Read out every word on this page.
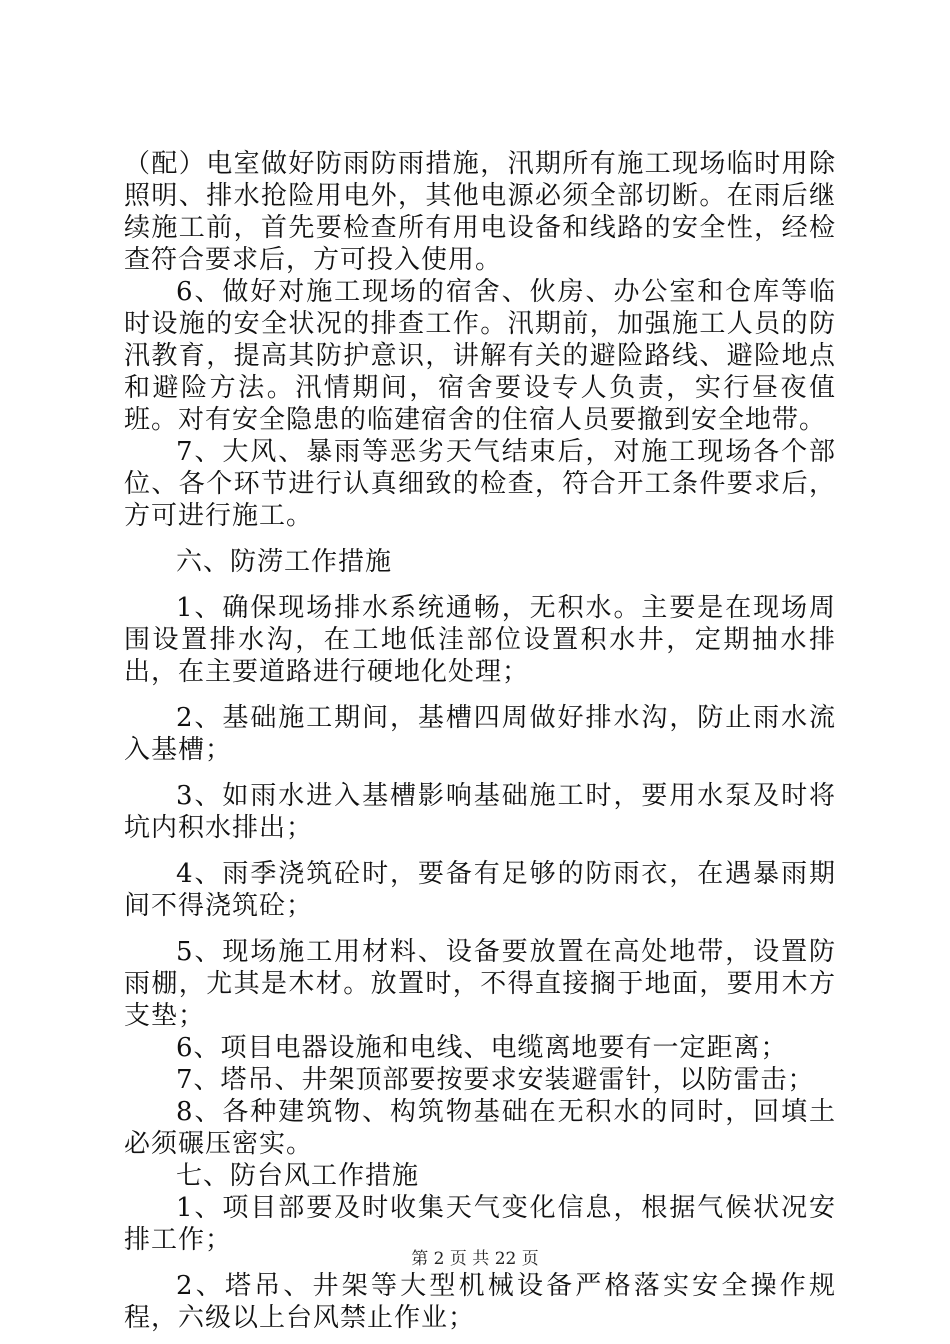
（配）电室做好防雨防雨措施，汛期所有施工现场临时用除照明、排水抢险用电外，其他电源必须全部切断。在雨后继续施工前，首先要检查所有用电设备和线路的安全性，经检查符合要求后，方可投入使用。

6、做好对施工现场的宿舍、伙房、办公室和仓库等临时设施的安全状况的排查工作。汛期前，加强施工人员的防汛教育，提高其防护意识，讲解有关的避险路线、避险地点和避险方法。汛情期间，宿舍要设专人负责，实行昼夜值班。对有安全隐患的临建宿舍的住宿人员要撤到安全地带。

7、大风、暴雨等恶劣天气结束后，对施工现场各个部位、各个环节进行认真细致的检查，符合开工条件要求后，方可进行施工。

六、防涝工作措施

1、确保现场排水系统通畅，无积水。主要是在现场周围设置排水沟，在工地低洼部位设置积水井，定期抽水排出，在主要道路进行硬地化处理；

2、基础施工期间，基槽四周做好排水沟，防止雨水流入基槽；

3、如雨水进入基槽影响基础施工时，要用水泵及时将坑内积水排出；

4、雨季浇筑砼时，要备有足够的防雨衣，在遇暴雨期间不得浇筑砼；

5、现场施工用材料、设备要放置在高处地带，设置防雨棚，尤其是木材。放置时，不得直接搁于地面，要用木方支垫；

6、项目电器设施和电线、电缆离地要有一定距离；

7、塔吊、井架顶部要按要求安装避雷针，以防雷击；

8、各种建筑物、构筑物基础在无积水的同时，回填土必须碾压密实。

七、防台风工作措施

1、项目部要及时收集天气变化信息，根据气候状况安排工作；

2、塔吊、井架等大型机械设备严格落实安全操作规程，六级以上台风禁止作业；

第 2 页 共 22 页
